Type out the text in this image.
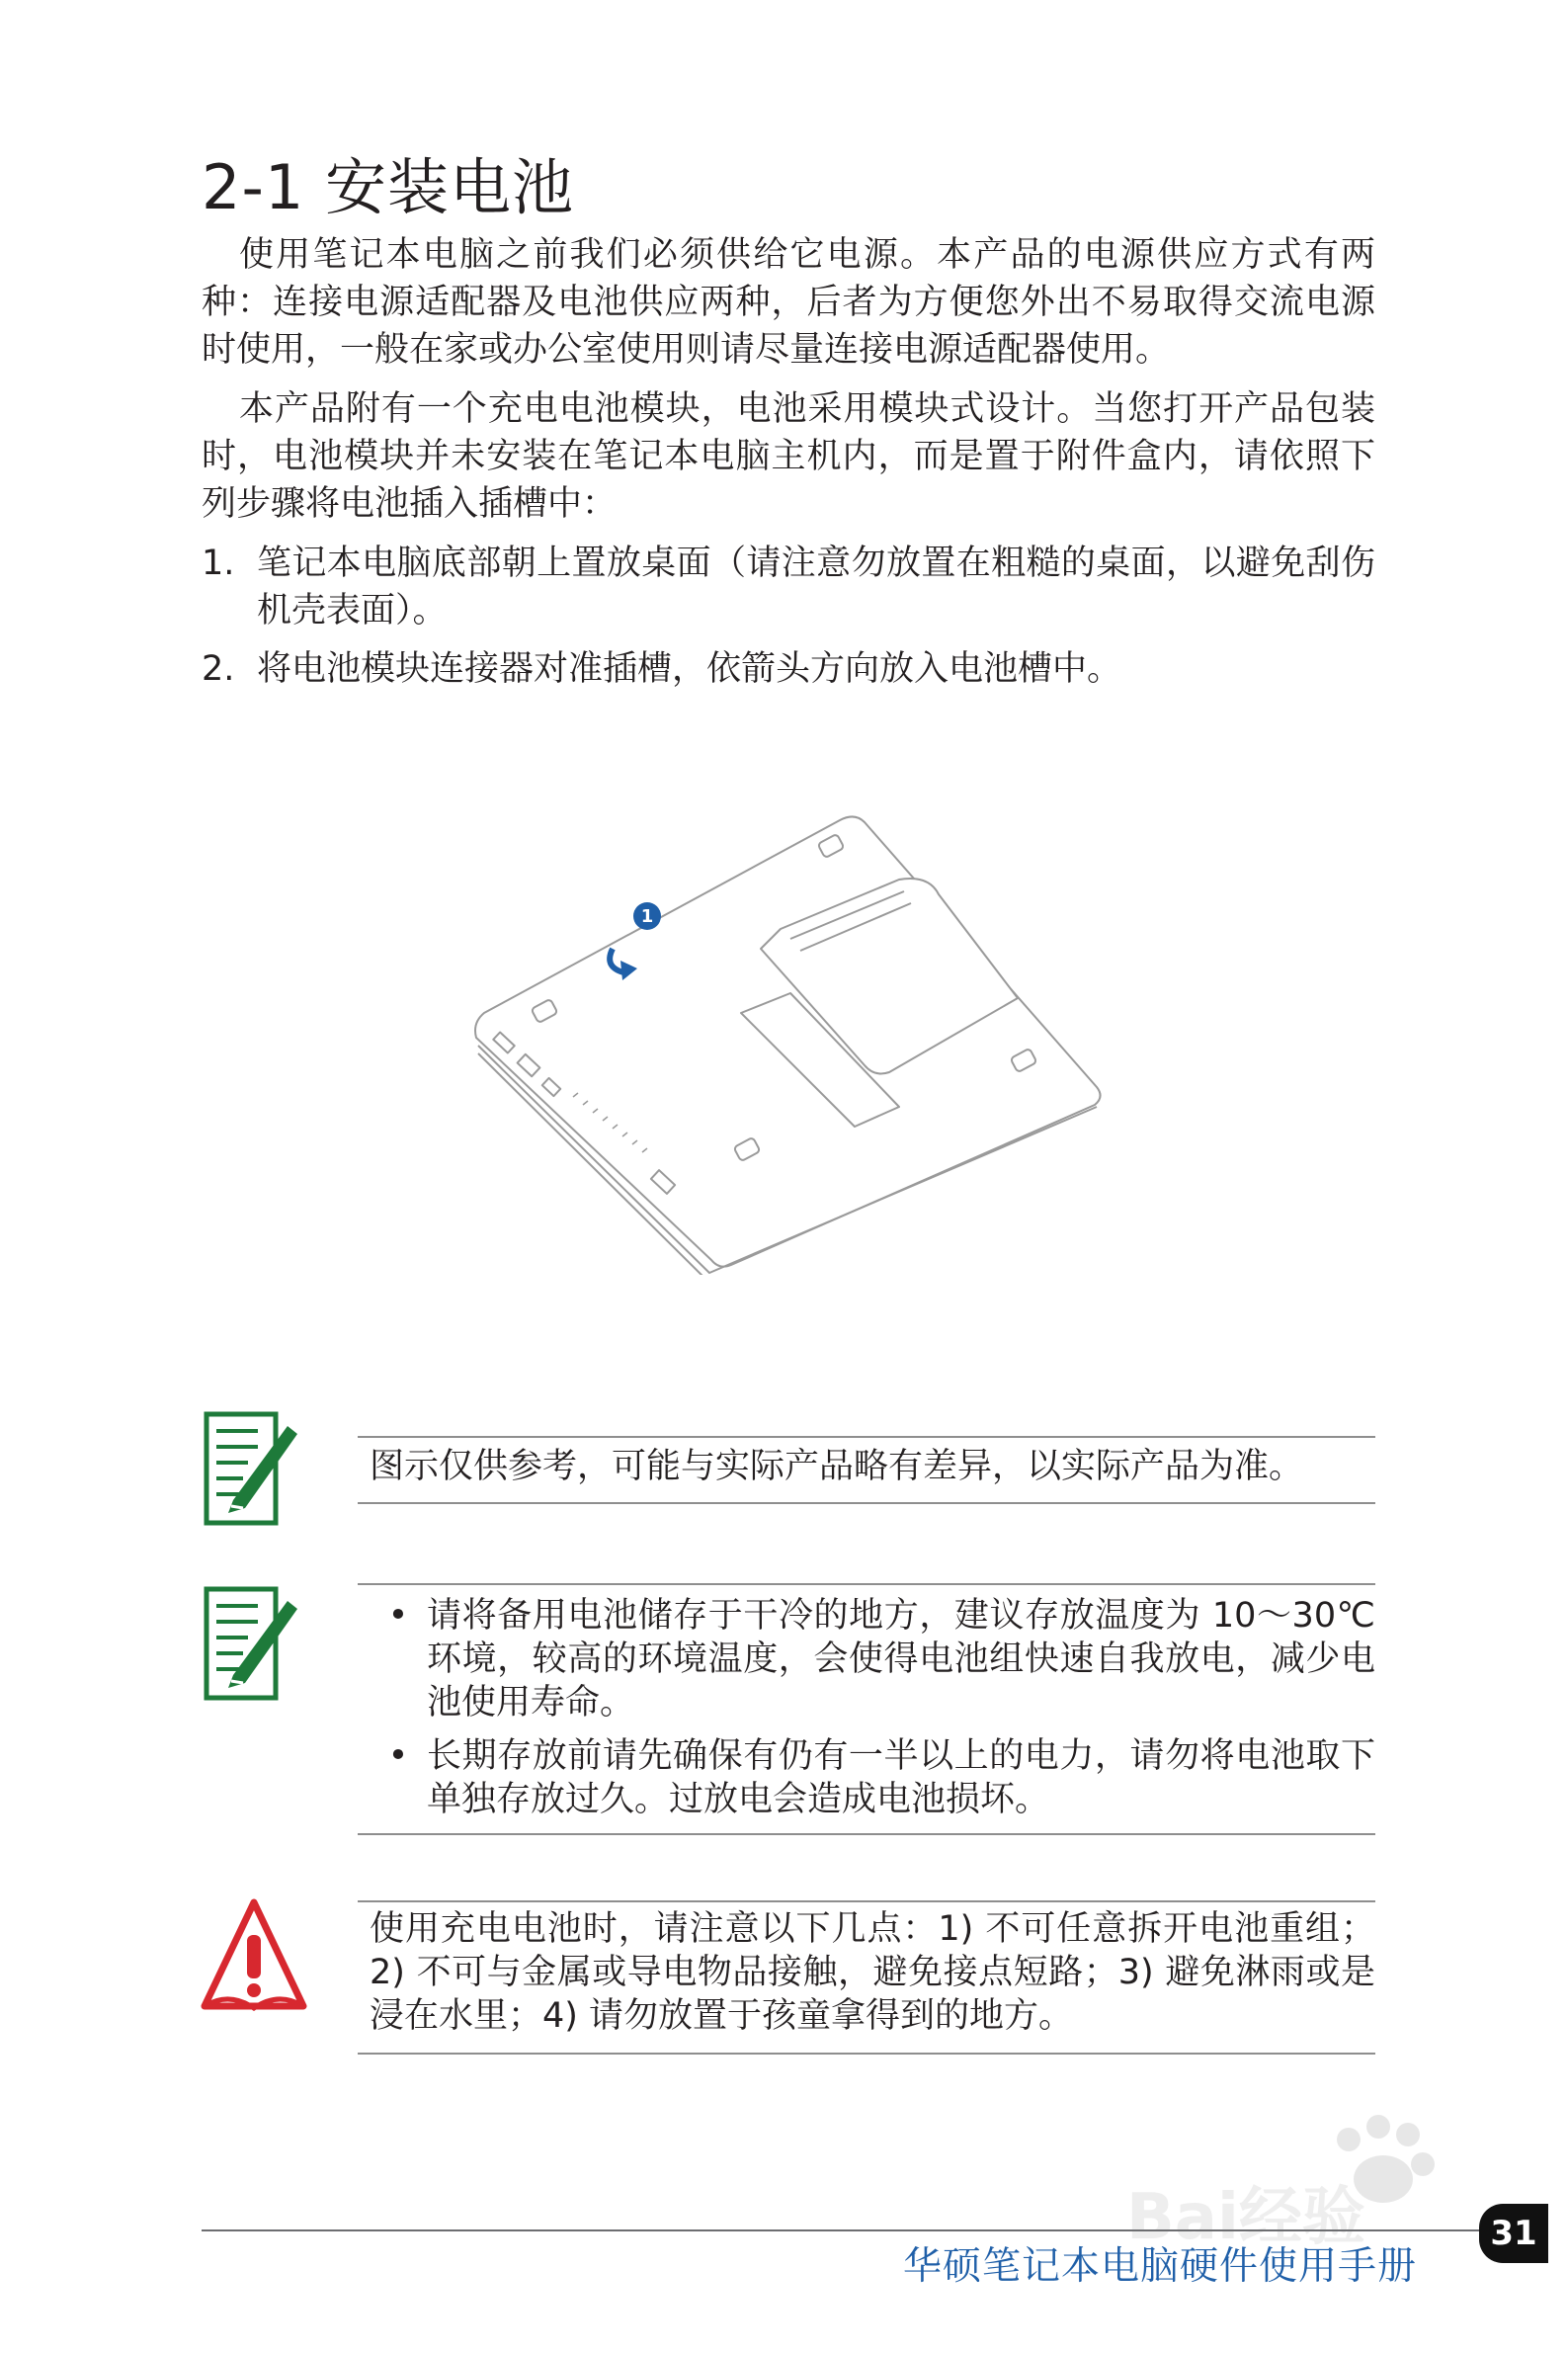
2-1 安装电池

使用笔记本电脑之前我们必须供给它电源。本产品的电源供应方式有两种：连接电源适配器及电池供应两种，后者为方便您外出不易取得交流电源时使用，一般在家或办公室使用则请尽量连接电源适配器使用。

本产品附有一个充电电池模块，电池采用模块式设计。当您打开产品包装时，电池模块并未安装在笔记本电脑主机内，而是置于附件盒内，请依照下列步骤将电池插入插槽中：

1. 笔记本电脑底部朝上置放桌面（请注意勿放置在粗糙的桌面，以避免刮伤机壳表面）。
2. 将电池模块连接器对准插槽，依箭头方向放入电池槽中。
1

图示仅供参考，可能与实际产品略有差异，以实际产品为准。

• 请将备用电池储存于干冷的地方，建议存放温度为 10～30℃环境，较高的环境温度，会使得电池组快速自我放电，减少电池使用寿命。
• 长期存放前请先确保有仍有一半以上的电力，请勿将电池取下单独存放过久。过放电会造成电池损坏。

使用充电电池时，请注意以下几点：1) 不可任意拆开电池重组；2) 不可与金属或导电物品接触，避免接点短路；3) 避免淋雨或是浸在水里；4) 请勿放置于孩童拿得到的地方。

Bai经验

华硕笔记本电脑硬件使用手册

31
